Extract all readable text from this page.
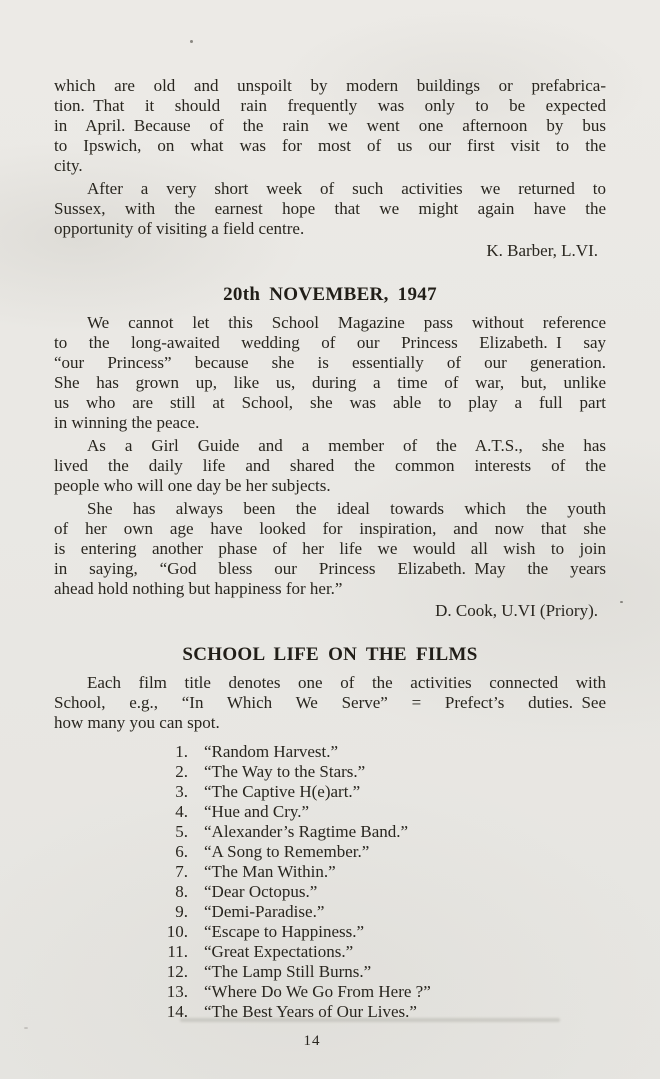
which are old and unspoilt by modern buildings or prefabrica-
tion. That it should rain frequently was only to be expected
in April. Because of the rain we went one afternoon by bus
to Ipswich, on what was for most of us our first visit to the
city.
After a very short week of such activities we returned to
Sussex, with the earnest hope that we might again have the
opportunity of visiting a field centre.
K. Barber, L.VI.
20th NOVEMBER, 1947
We cannot let this School Magazine pass without reference
to the long-awaited wedding of our Princess Elizabeth. I say
“our Princess” because she is essentially of our generation.
She has grown up, like us, during a time of war, but, unlike
us who are still at School, she was able to play a full part
in winning the peace.
As a Girl Guide and a member of the A.T.S., she has
lived the daily life and shared the common interests of the
people who will one day be her subjects.
She has always been the ideal towards which the youth
of her own age have looked for inspiration, and now that she
is entering another phase of her life we would all wish to join
in saying, “God bless our Princess Elizabeth. May the years
ahead hold nothing but happiness for her.”
D. Cook, U.VI (Priory).
SCHOOL LIFE ON THE FILMS
Each film title denotes one of the activities connected with
School, e.g., “In Which We Serve” = Prefect’s duties. See
how many you can spot.
1. “Random Harvest.”
2. “The Way to the Stars.”
3. “The Captive H(e)art.”
4. “Hue and Cry.”
5. “Alexander’s Ragtime Band.”
6. “A Song to Remember.”
7. “The Man Within.”
8. “Dear Octopus.”
9. “Demi-Paradise.”
10. “Escape to Happiness.”
11. “Great Expectations.”
12. “The Lamp Still Burns.”
13. “Where Do We Go From Here ?”
14. “The Best Years of Our Lives.”
14
